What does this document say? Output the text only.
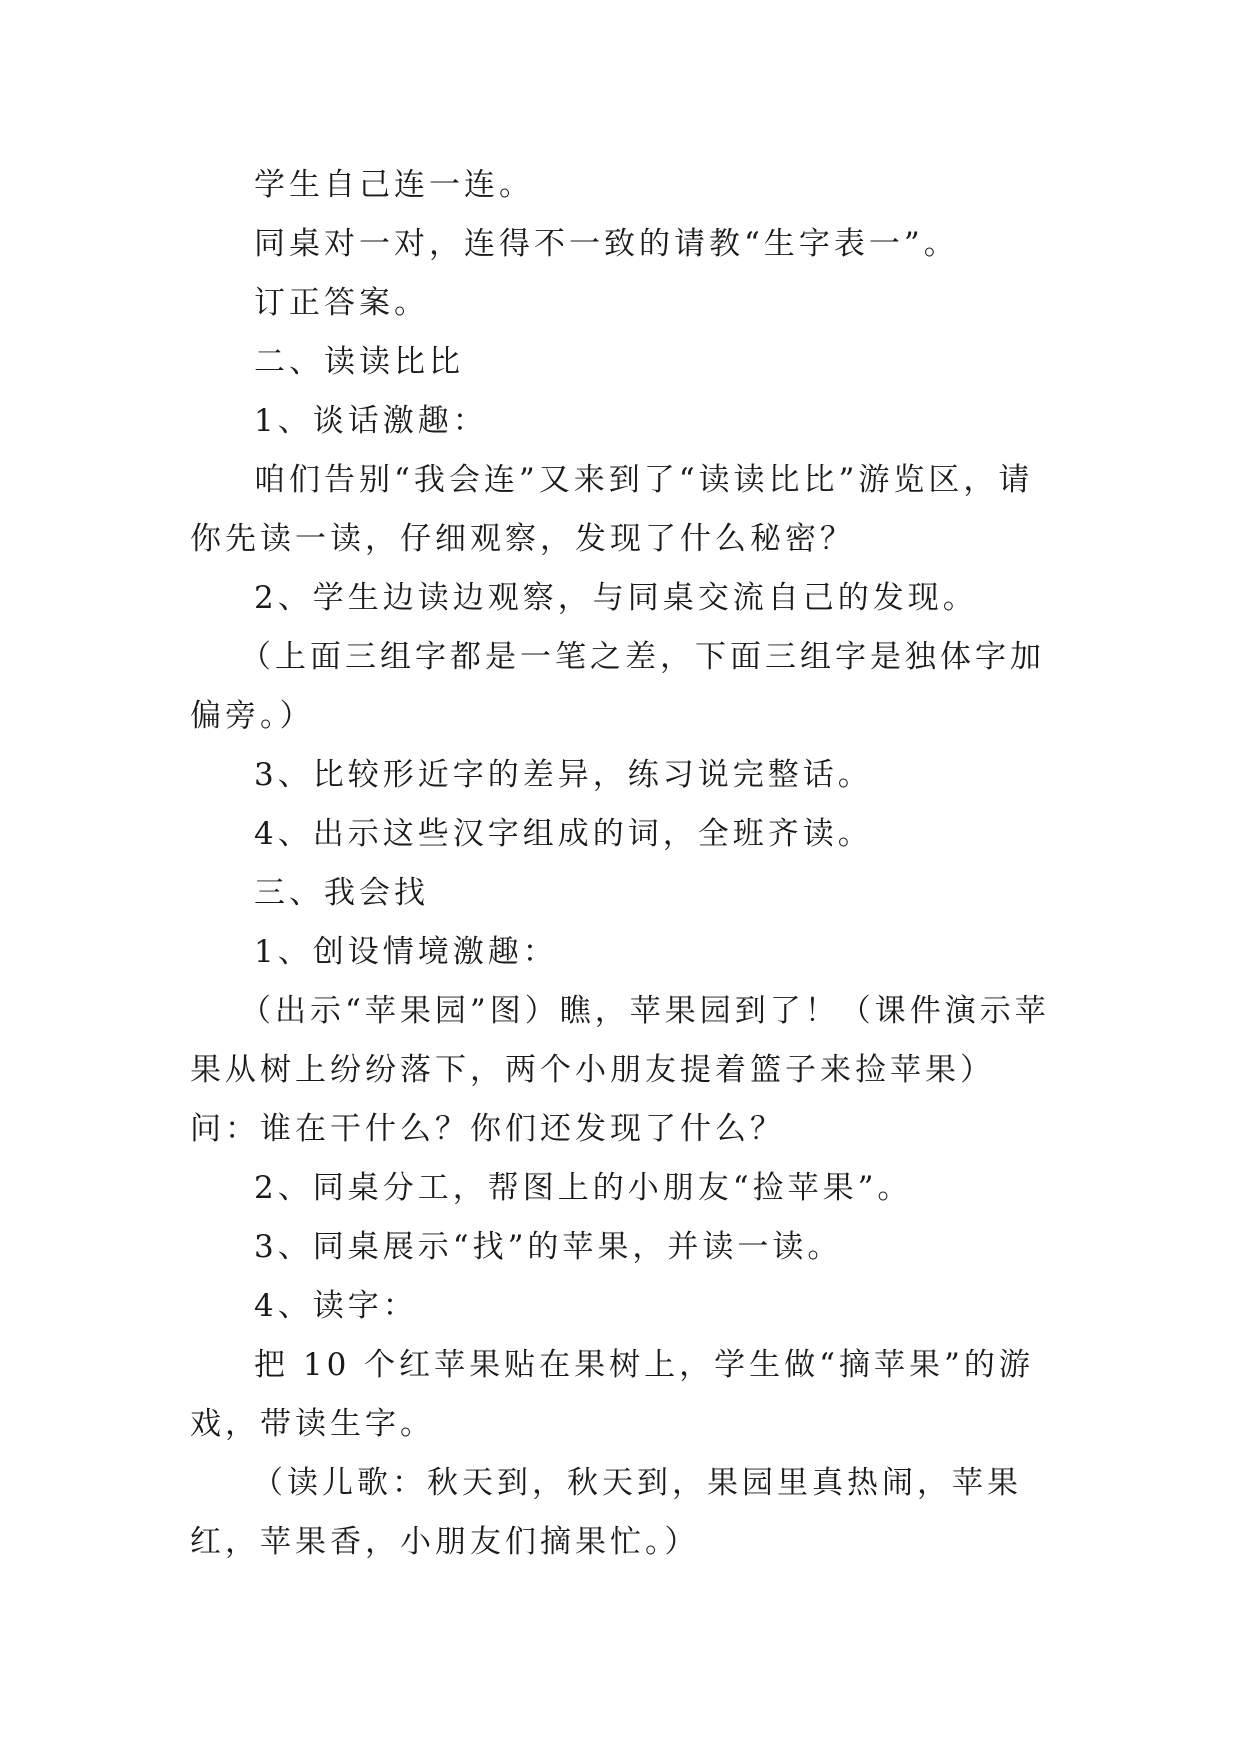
学生自己连一连。

同桌对一对，连得不一致的请教“生字表一”。

订正答案。

二、读读比比

1、谈话激趣：

咱们告别“我会连”又来到了“读读比比”游览区，请你先读一读，仔细观察，发现了什么秘密？

2、学生边读边观察，与同桌交流自己的发现。

（上面三组字都是一笔之差，下面三组字是独体字加偏旁。）

3、比较形近字的差异，练习说完整话。

4、出示这些汉字组成的词，全班齐读。

三、我会找

1、创设情境激趣：

（出示“苹果园”图）瞧，苹果园到了！（课件演示苹果从树上纷纷落下，两个小朋友提着篮子来捡苹果）问：谁在干什么？你们还发现了什么？

2、同桌分工，帮图上的小朋友“捡苹果”。

3、同桌展示“找”的苹果，并读一读。

4、读字：

把 10 个红苹果贴在果树上，学生做“摘苹果”的游戏，带读生字。

（读儿歌：秋天到，秋天到，果园里真热闹，苹果红，苹果香，小朋友们摘果忙。）
